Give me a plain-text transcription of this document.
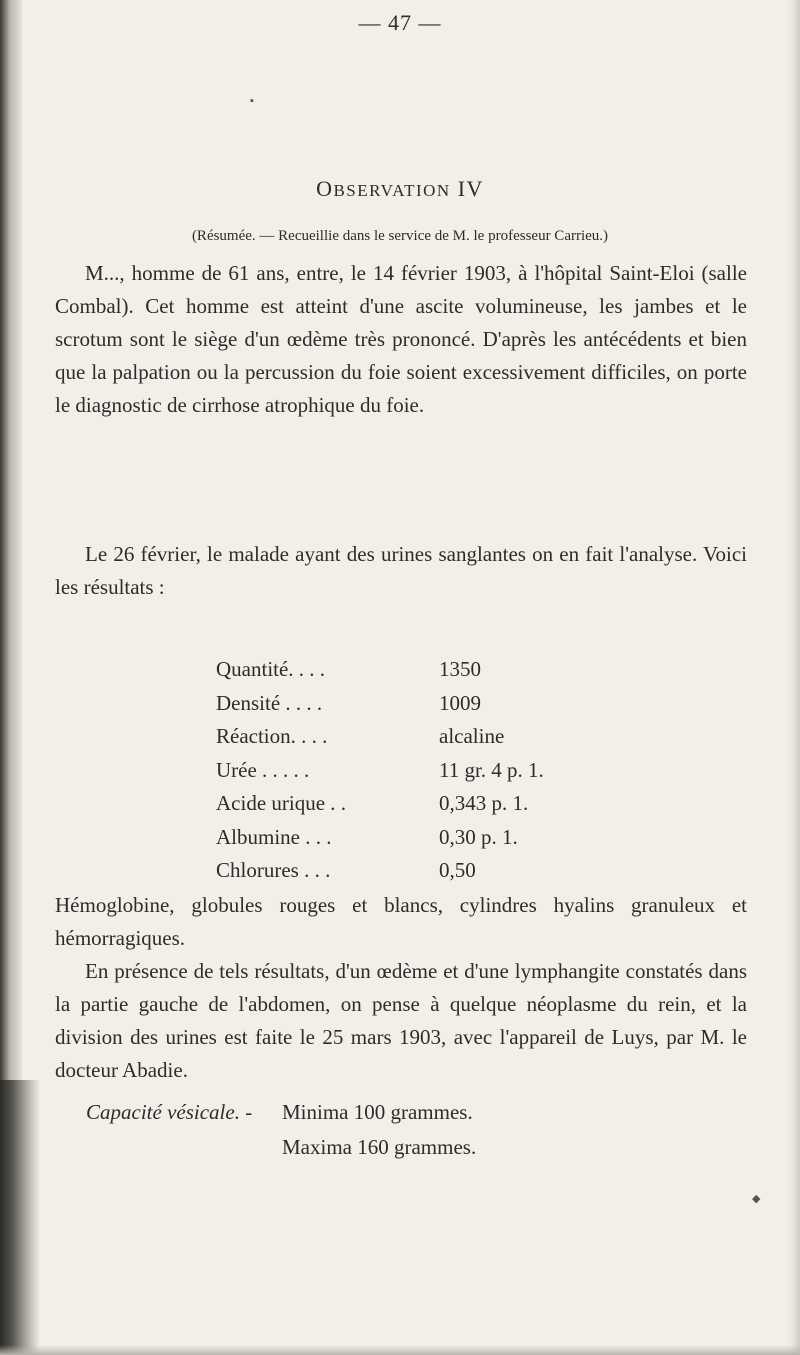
— 47 —
▪
OBSERVATION IV
(Résumée. — Recueillie dans le service de M. le professeur Carrieu.)

M..., homme de 61 ans, entre, le 14 février 1903, à l'hôpital Saint-Eloi (salle Combal). Cet homme est atteint d'une ascite volumineuse, les jambes et le scrotum sont le siège d'un œdème très prononcé. D'après les antécédents et bien que la palpation ou la percussion du foie soient excessivement difficiles, on porte le diagnostic de cirrhose atrophique du foie.

Le 26 février, le malade ayant des urines sanglantes on en fait l'analyse. Voici les résultats :

Quantité. . . .	1350
Densité . . . .	1009
Réaction. . . .	alcaline
Urée . . . . .	11 gr. 4 p. 1.
Acide urique . .	0,343 p. 1.
Albumine . . .	0,30 p. 1.
Chlorures . . .	0,50

Hémoglobine, globules rouges et blancs, cylindres hyalins granuleux et hémorragiques.

En présence de tels résultats, d'un œdème et d'une lymphangite constatés dans la partie gauche de l'abdomen, on pense à quelque néoplasme du rein, et la division des urines est faite le 25 mars 1903, avec l'appareil de Luys, par M. le docteur Abadie.

Capacité vésicale. -	Minima 100 grammes.
Maxima 160 grammes.
◆
